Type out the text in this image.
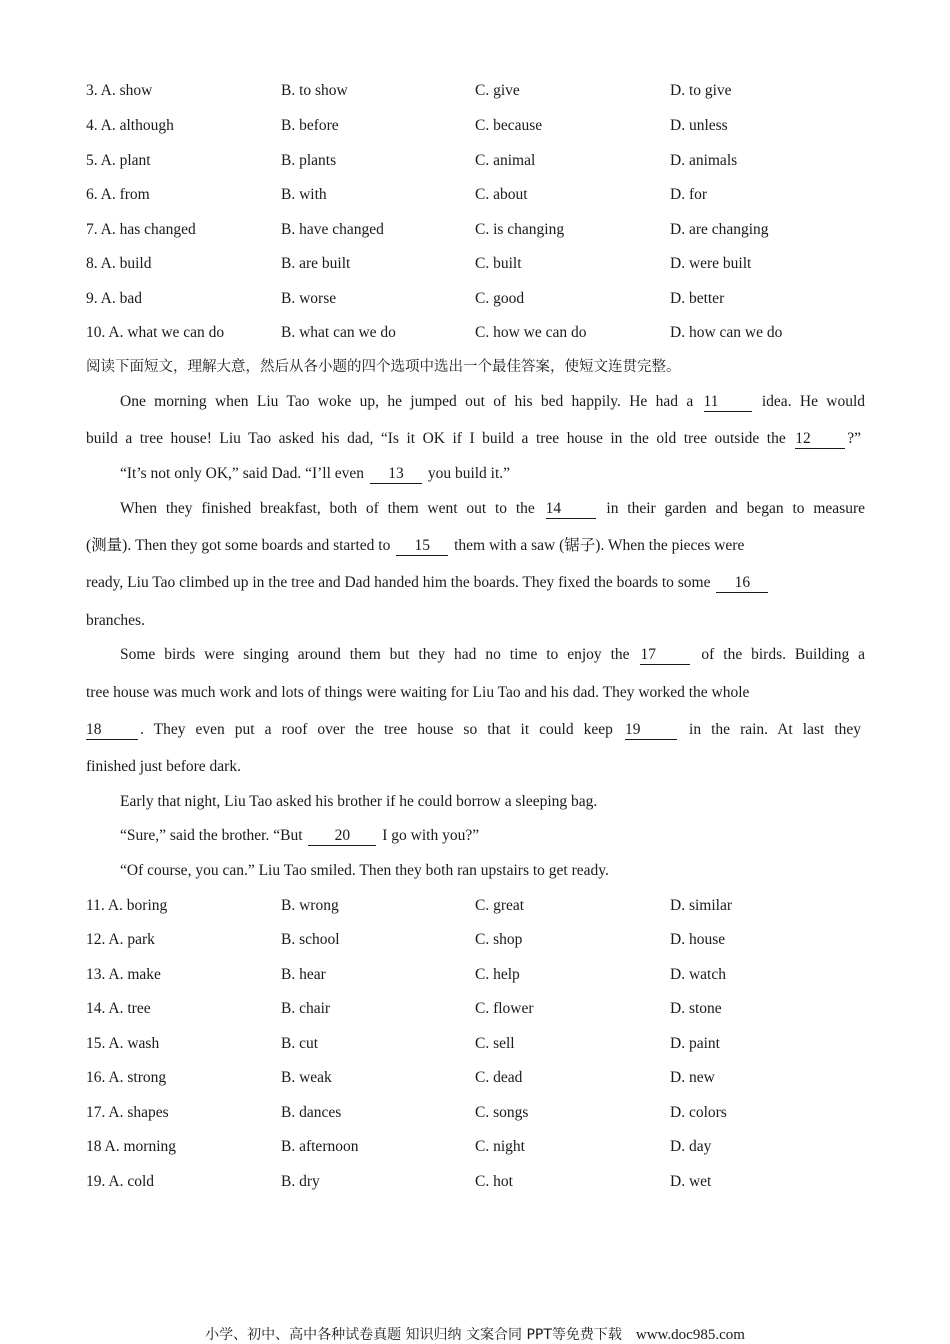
3. A. show	B. to show	C. give	D. to give
4. A. although	B. before	C. because	D. unless
5. A. plant	B. plants	C. animal	D. animals
6. A. from	B. with	C. about	D. for
7. A. has changed	B. have changed	C. is changing	D. are changing
8. A. build	B. are built	C. built	D. were built
9. A. bad	B. worse	C. good	D. better
10. A. what we can do	B. what can we do	C. how we can do	D. how can we do
阅读下面短文，理解大意，然后从各小题的四个选项中选出一个最佳答案，使短文连贯完整。
One morning when Liu Tao woke up, he jumped out of his bed happily. He had a 11	idea. He would
build a tree house! Liu Tao asked his dad, “Is it OK if I build a tree house in the old tree outside the 12 ?”
“It’s not only OK,” said Dad. “I’ll even 13 you build it.”
When they finished breakfast, both of them went out to the 14	in their garden and began to measure
(测量). Then they got some boards and started to 15 them with a saw (锯子). When the pieces were
ready, Liu Tao climbed up in the tree and Dad handed him the boards. They fixed the boards to some 16
branches.
Some birds were singing around them but they had no time to enjoy the 17	of the birds. Building a
tree house was much work and lots of things were waiting for Liu Tao and his dad. They worked the whole
18 . They even put a roof over the tree house so that it could keep 19	in the rain. At last they
finished just before dark.
Early that night, Liu Tao asked his brother if he could borrow a sleeping bag.
“Sure,” said the brother. “But 20 I go with you?”
“Of course, you can.” Liu Tao smiled. Then they both ran upstairs to get ready.
11. A. boring	B. wrong	C. great	D. similar
12. A. park	B. school	C. shop	D. house
13. A. make	B. hear	C. help	D. watch
14. A. tree	B. chair	C. flower	D. stone
15. A. wash	B. cut	C. sell	D. paint
16. A. strong	B. weak	C. dead	D. new
17. A. shapes	B. dances	C. songs	D. colors
18 A. morning	B. afternoon	C. night	D. day
19. A. cold	B. dry	C. hot	D. wet
小学、初中、高中各种试卷真题 知识归纳 文案合同 PPT等免费下载 www.doc985.com
